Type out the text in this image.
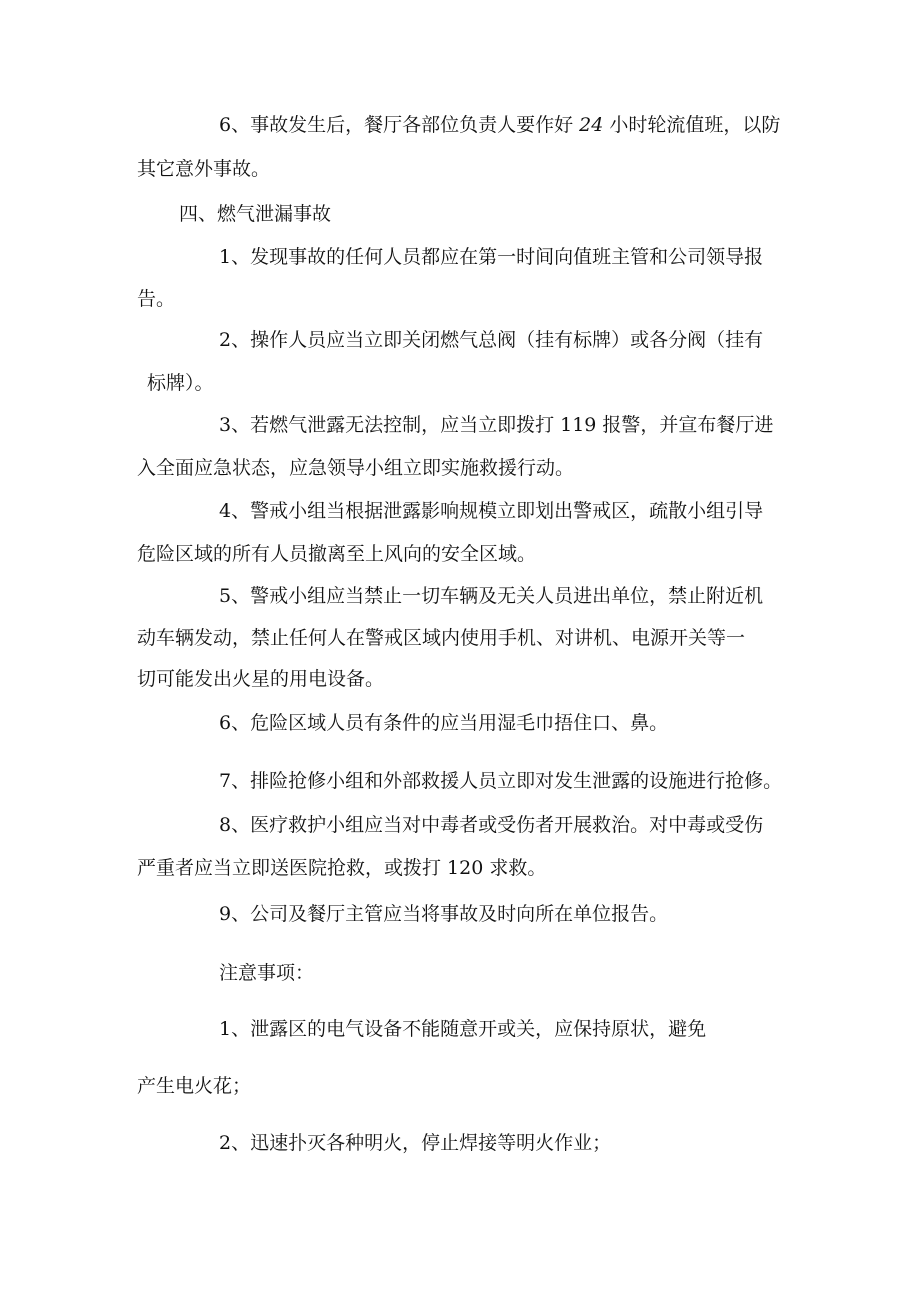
6、事故发生后，餐厅各部位负责人要作好 24 小时轮流值班，以防
其它意外事故。
四、燃气泄漏事故
1、发现事故的任何人员都应在第一时间向值班主管和公司领导报
告。
2、操作人员应当立即关闭燃气总阀（挂有标牌）或各分阀（挂有
标牌）。
3、若燃气泄露无法控制，应当立即拨打 119 报警，并宣布餐厅进
入全面应急状态，应急领导小组立即实施救援行动。
4、警戒小组当根据泄露影响规模立即划出警戒区，疏散小组引导
危险区域的所有人员撤离至上风向的安全区域。
5、警戒小组应当禁止一切车辆及无关人员进出单位，禁止附近机
动车辆发动，禁止任何人在警戒区域内使用手机、对讲机、电源开关等一
切可能发出火星的用电设备。
6、危险区域人员有条件的应当用湿毛巾捂住口、鼻。
7、排险抢修小组和外部救援人员立即对发生泄露的设施进行抢修。
8、医疗救护小组应当对中毒者或受伤者开展救治。对中毒或受伤
严重者应当立即送医院抢救，或拨打 120 求救。
9、公司及餐厅主管应当将事故及时向所在单位报告。
注意事项：
1、泄露区的电气设备不能随意开或关，应保持原状，避免
产生电火花；
2、迅速扑灭各种明火，停止焊接等明火作业；
